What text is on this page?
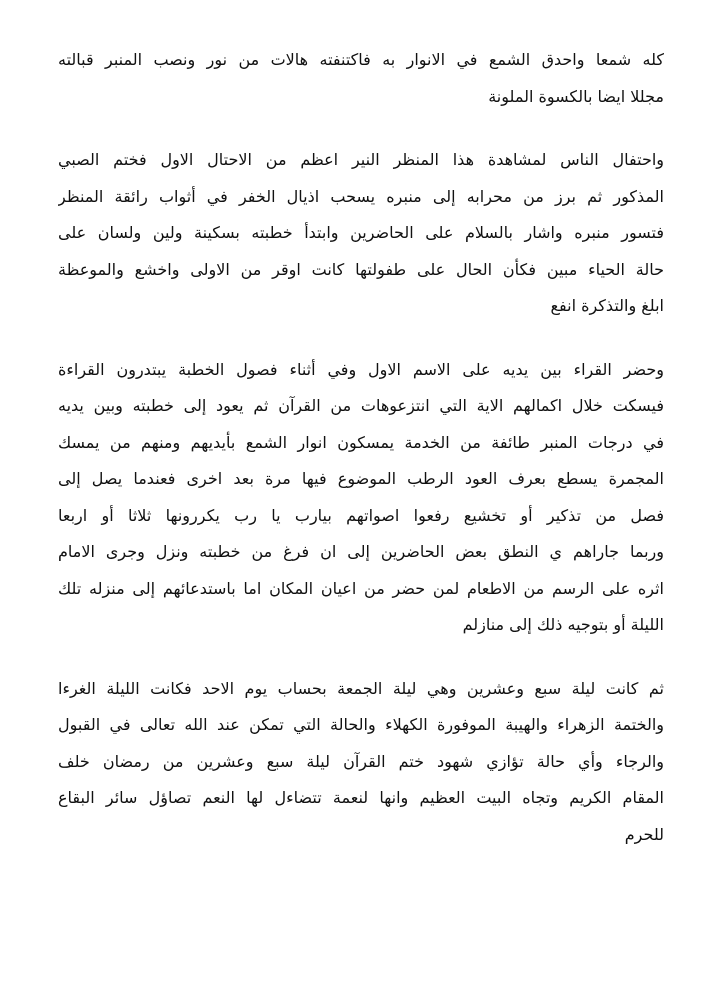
كله شمعا واحدق الشمع في الانوار به فاكتنفته هالات من نور ونصب المنبر قبالته
مجللا ايضا بالكسوة الملونة

واحتفال الناس لمشاهدة هذا المنظر النير اعظم من الاحتال الاول فختم الصبي
المذكور ثم برز من محرابه إلى منبره يسحب اذيال الخفر في أثواب رائقة المنظر
فتسور منبره واشار بالسلام على الحاضرين وابتدأ خطبته بسكينة ولين ولسان على
حالة الحياء مبين فكأن الحال على طفولتها كانت اوقر من الاولى واخشع والموعظة
ابلغ والتذكرة انفع

وحضر القراء بين يديه على الاسم الاول وفي أثناء فصول الخطبة يبتدرون القراءة
فيسكت خلال اكمالهم الاية التي انتزعوهات من القرآن ثم يعود إلى خطبته وبين يديه
في درجات المنبر طائفة من الخدمة يمسكون انوار الشمع بأيديهم ومنهم من يمسك
المجمرة يسطع بعرف العود الرطب الموضوع فيها مرة بعد اخرى فعندما يصل إلى
فصل من تذكير أو تخشيع رفعوا اصواتهم بيارب يا رب يكررونها ثلاثا أو اربعا
وربما جاراهم ي النطق بعض الحاضرين إلى ان فرغ من خطبته ونزل وجرى الامام
اثره على الرسم من الاطعام لمن حضر من اعيان المكان اما باستدعائهم إلى منزله تلك
الليلة أو بتوجيه ذلك إلى منازلم

ثم كانت ليلة سبع وعشرين وهي ليلة الجمعة بحساب يوم الاحد فكانت الليلة الغرءا
والختمة الزهراء والهيبة الموفورة الكهلاء والحالة التي تمكن عند الله تعالى في القبول
والرجاء وأي حالة تؤازي شهود ختم القرآن ليلة سبع وعشرين من رمضان خلف
المقام الكريم وتجاه البيت العظيم وانها لنعمة تتضاءل لها النعم تصاؤل سائر البقاع
للحرم
